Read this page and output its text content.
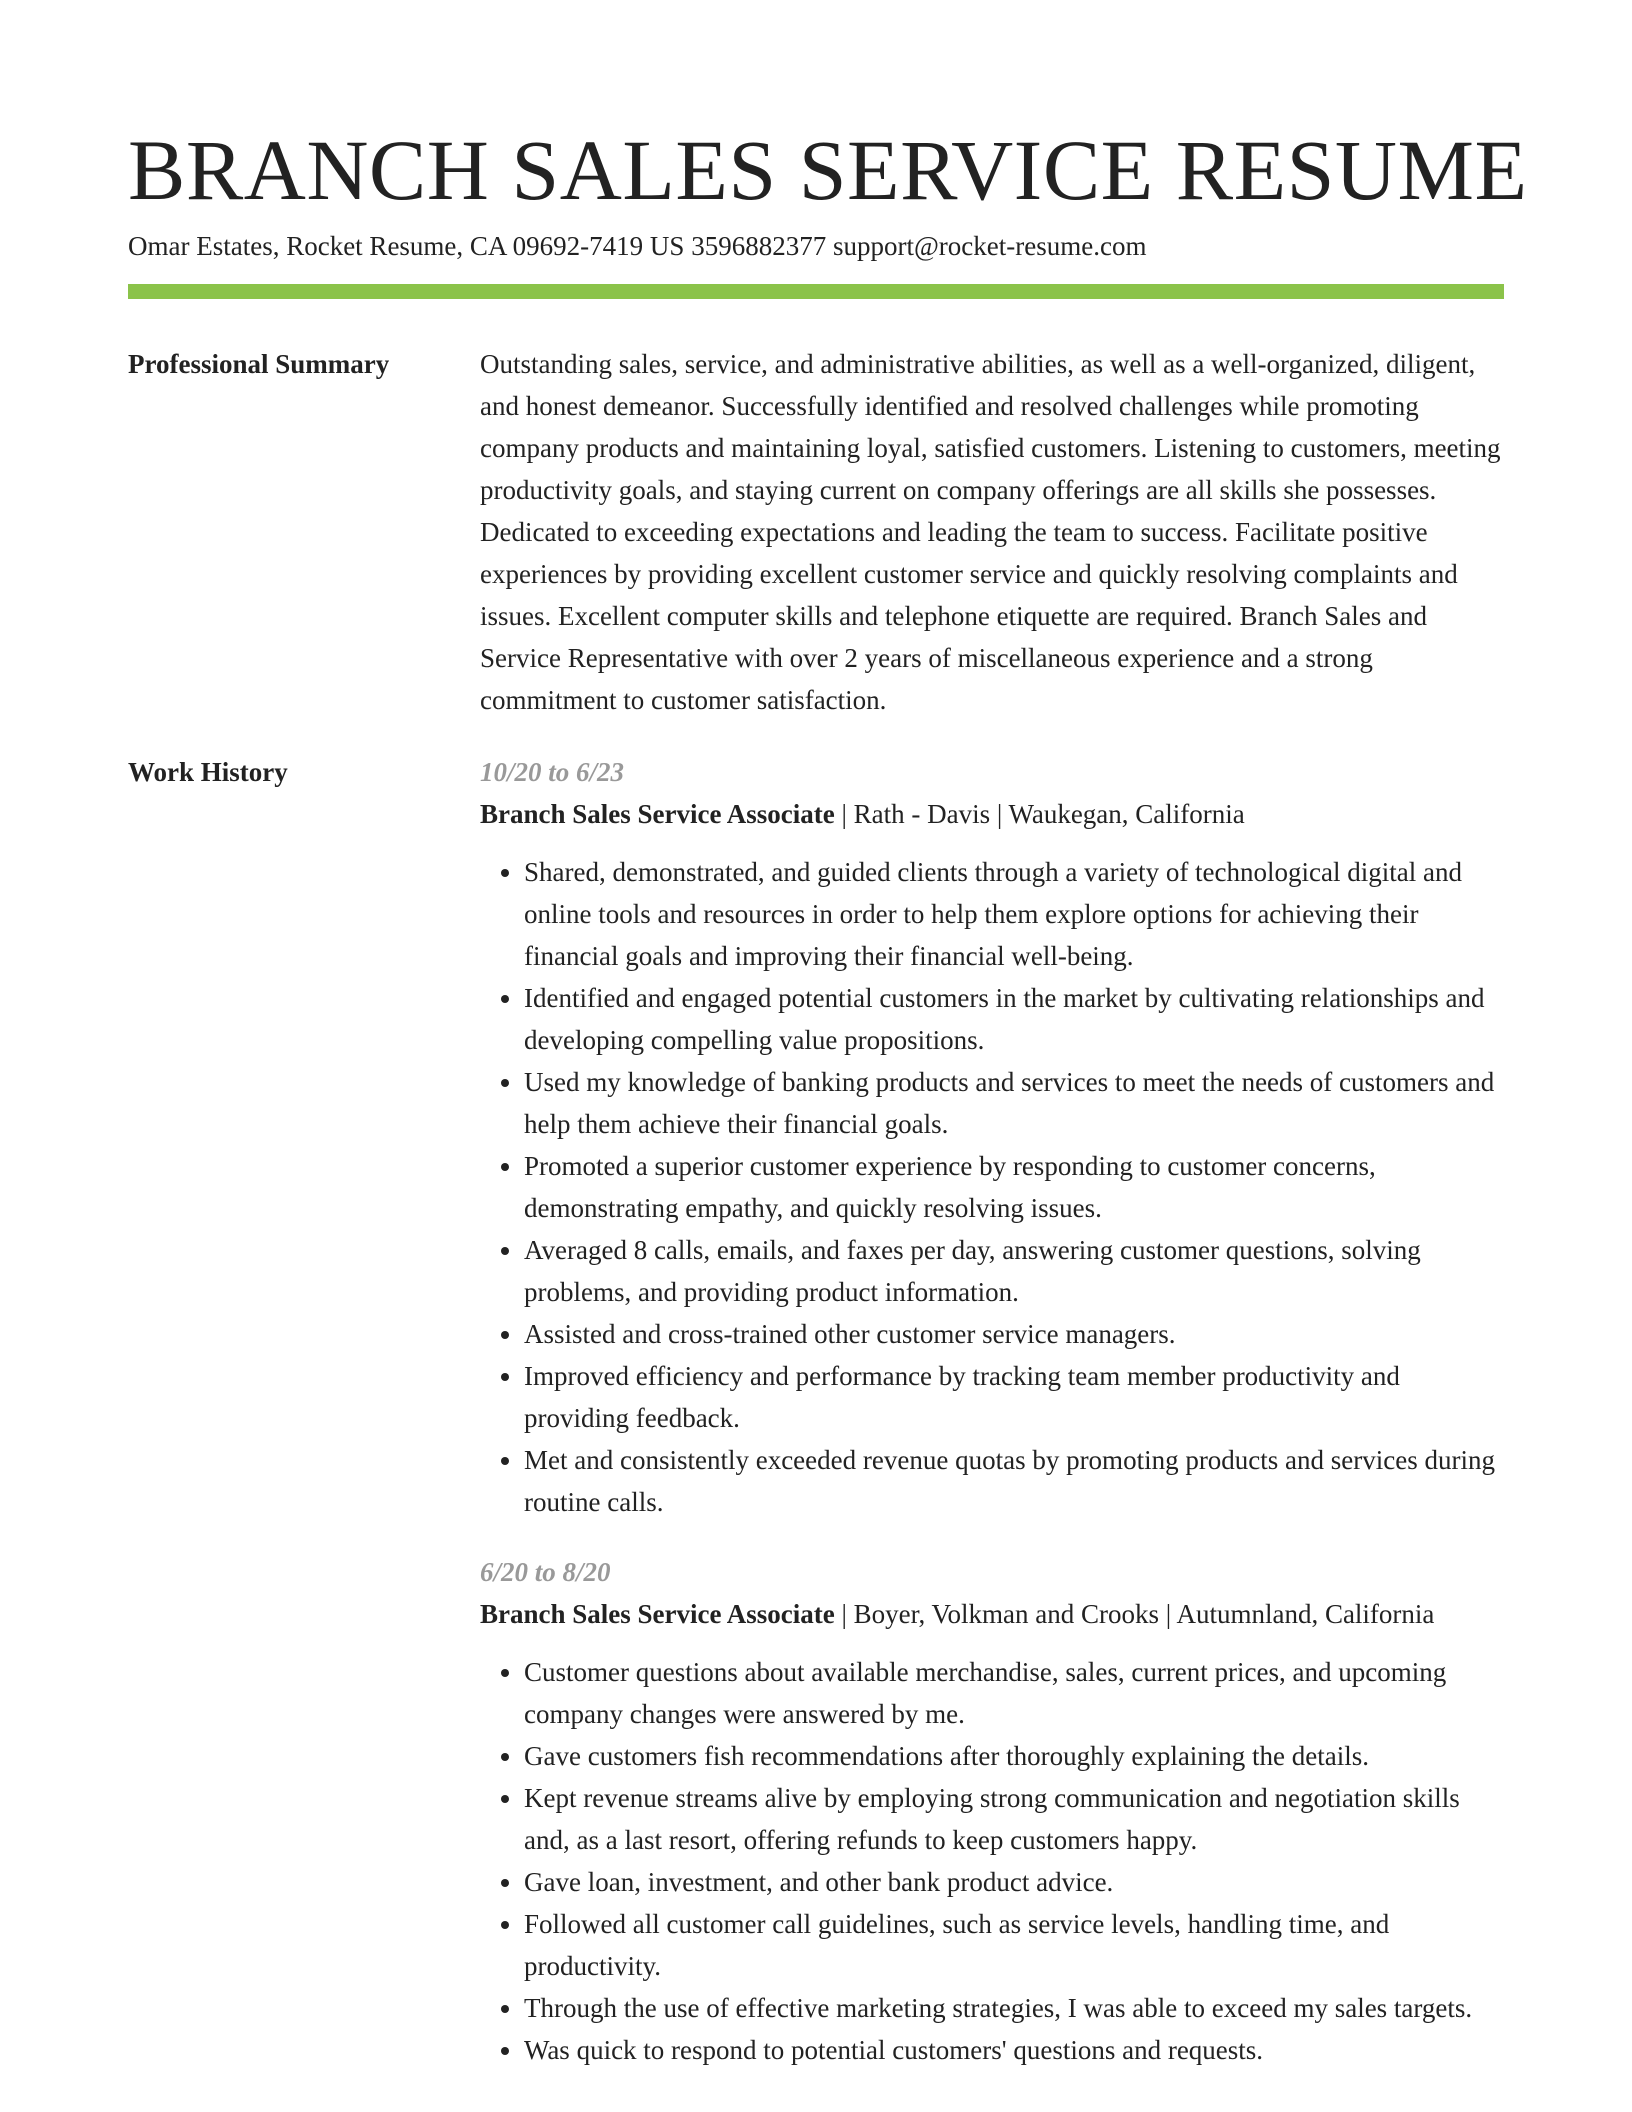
BRANCH SALES SERVICE RESUME
Omar Estates, Rocket Resume, CA 09692-7419 US 3596882377 support@rocket-resume.com
Professional Summary	Outstanding sales, service, and administrative abilities, as well as a well-organized, diligent, and honest demeanor. Successfully identified and resolved challenges while promoting company products and maintaining loyal, satisfied customers. Listening to customers, meeting productivity goals, and staying current on company offerings are all skills she possesses. Dedicated to exceeding expectations and leading the team to success. Facilitate positive experiences by providing excellent customer service and quickly resolving complaints and issues. Excellent computer skills and telephone etiquette are required. Branch Sales and Service Representative with over 2 years of miscellaneous experience and a strong commitment to customer satisfaction.

Work History	10/20 to 6/23
Branch Sales Service Associate | Rath - Davis | Waukegan, California
• Shared, demonstrated, and guided clients through a variety of technological digital and online tools and resources in order to help them explore options for achieving their financial goals and improving their financial well-being.
• Identified and engaged potential customers in the market by cultivating relationships and developing compelling value propositions.
• Used my knowledge of banking products and services to meet the needs of customers and help them achieve their financial goals.
• Promoted a superior customer experience by responding to customer concerns, demonstrating empathy, and quickly resolving issues.
• Averaged 8 calls, emails, and faxes per day, answering customer questions, solving problems, and providing product information.
• Assisted and cross-trained other customer service managers.
• Improved efficiency and performance by tracking team member productivity and providing feedback.
• Met and consistently exceeded revenue quotas by promoting products and services during routine calls.
6/20 to 8/20
Branch Sales Service Associate | Boyer, Volkman and Crooks | Autumnland, California
• Customer questions about available merchandise, sales, current prices, and upcoming company changes were answered by me.
• Gave customers fish recommendations after thoroughly explaining the details.
• Kept revenue streams alive by employing strong communication and negotiation skills and, as a last resort, offering refunds to keep customers happy.
• Gave loan, investment, and other bank product advice.
• Followed all customer call guidelines, such as service levels, handling time, and productivity.
• Through the use of effective marketing strategies, I was able to exceed my sales targets.
• Was quick to respond to potential customers' questions and requests.
